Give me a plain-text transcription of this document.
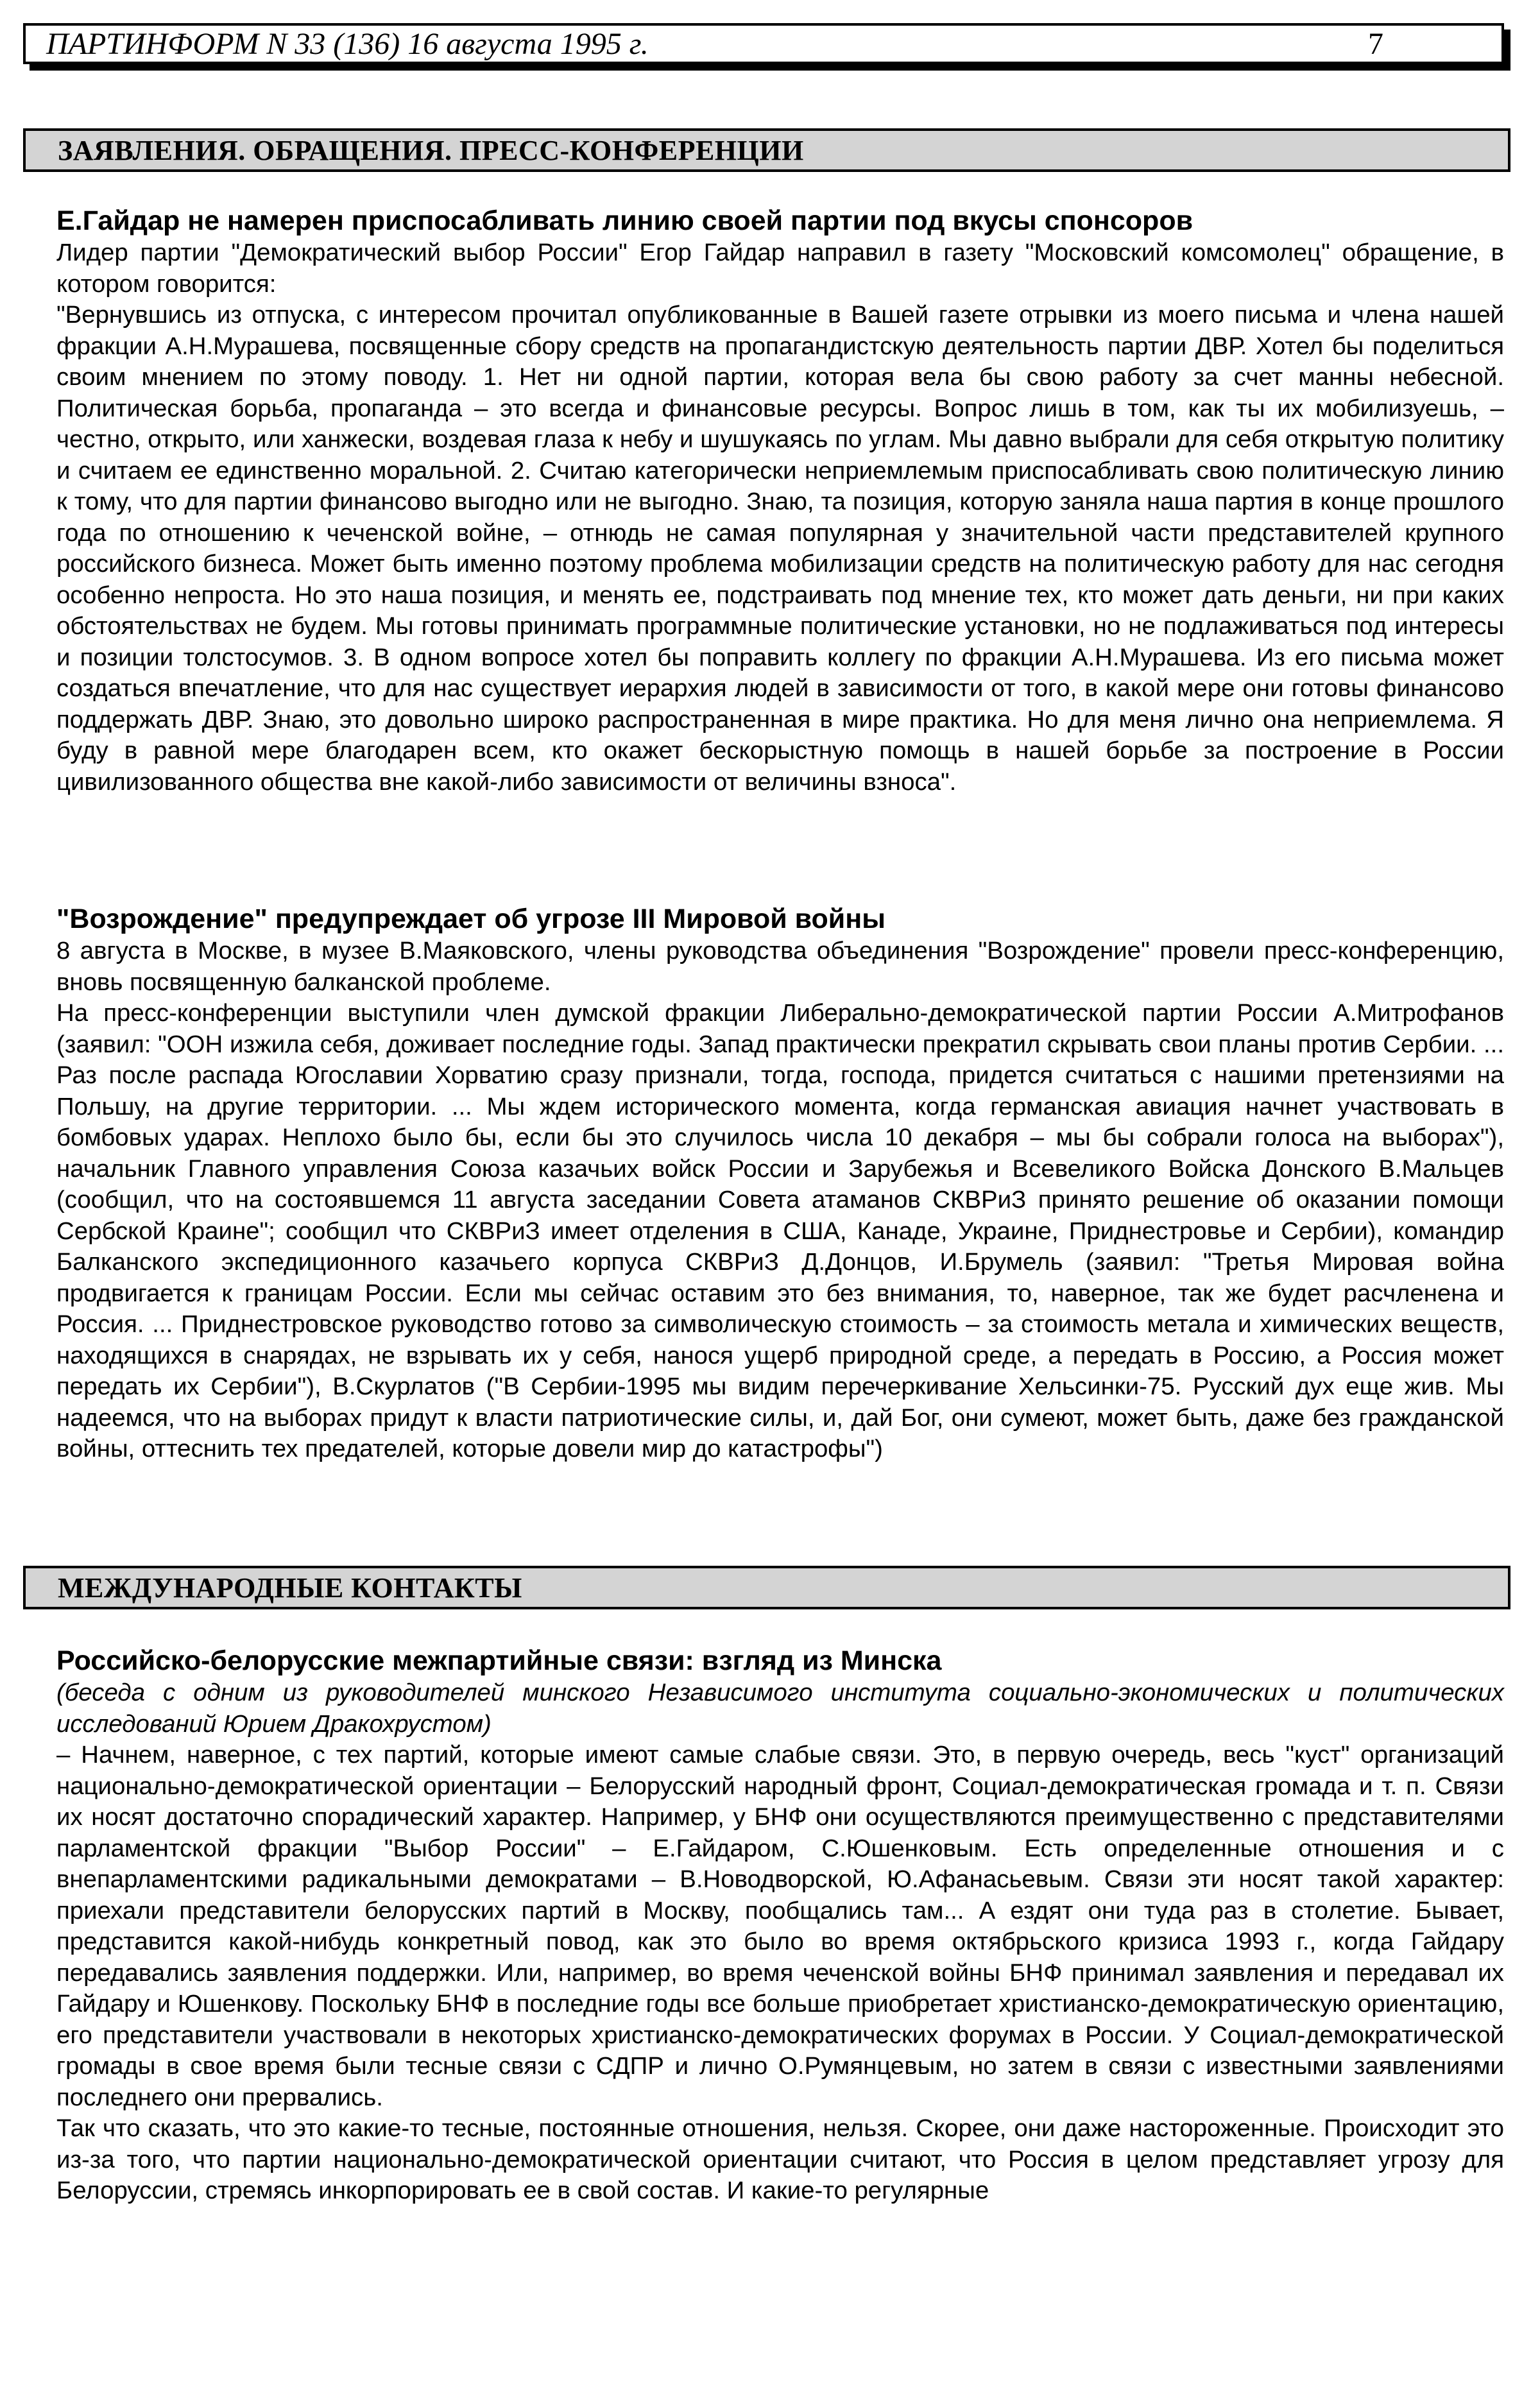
ПАРТИНФОРМ N 33 (136) 16 августа 1995 г.	7
ЗАЯВЛЕНИЯ. ОБРАЩЕНИЯ. ПРЕСС-КОНФЕРЕНЦИИ
Е.Гайдар не намерен приспосабливать линию своей партии под вкусы спонсоров

Лидер партии "Демократический выбор России" Егор Гайдар направил в газету "Московский комсомолец" обращение, в котором говорится:

"Вернувшись из отпуска, с интересом прочитал опубликованные в Вашей газете отрывки из моего письма и члена нашей фракции А.Н.Мурашева, посвященные сбору средств на пропагандистскую деятельность партии ДВР. Хотел бы поделиться своим мнением по этому поводу. 1. Нет ни одной партии, которая вела бы свою работу за счет манны небесной. Политическая борьба, пропаганда – это всегда и финансовые ресурсы. Вопрос лишь в том, как ты их мобилизуешь, – честно, открыто, или ханжески, воздевая глаза к небу и шушукаясь по углам. Мы давно выбрали для себя открытую политику и считаем ее единственно моральной. 2. Считаю категорически неприемлемым приспосабливать свою политическую линию к тому, что для партии финансово выгодно или не выгодно. Знаю, та позиция, которую заняла наша партия в конце прошлого года по отношению к чеченской войне, – отнюдь не самая популярная у значительной части представителей крупного российского бизнеса. Может быть именно поэтому проблема мобилизации средств на политическую работу для нас сегодня особенно непроста. Но это наша позиция, и менять ее, подстраивать под мнение тех, кто может дать деньги, ни при каких обстоятельствах не будем. Мы готовы принимать программные политические установки, но не подлаживаться под интересы и позиции толстосумов. 3. В одном вопросе хотел бы поправить коллегу по фракции А.Н.Мурашева. Из его письма может создаться впечатление, что для нас существует иерархия людей в зависимости от того, в какой мере они готовы финансово поддержать ДВР. Знаю, это довольно широко распространенная в мире практика. Но для меня лично она неприемлема. Я буду в равной мере благодарен всем, кто окажет бескорыстную помощь в нашей борьбе за построение в России цивилизованного общества вне какой-либо зависимости от величины взноса".

"Возрождение" предупреждает об угрозе III Мировой войны

8 августа в Москве, в музее В.Маяковского, члены руководства объединения "Возрождение" провели пресс-конференцию, вновь посвященную балканской проблеме.

На пресс-конференции выступили член думской фракции Либерально-демократической партии России А.Митрофанов (заявил: "ООН изжила себя, доживает последние годы. Запад практически прекратил скрывать свои планы против Сербии. ... Раз после распада Югославии Хорватию сразу признали, тогда, господа, придется считаться с нашими претензиями на Польшу, на другие территории. ... Мы ждем исторического момента, когда германская авиация начнет участвовать в бомбовых ударах. Неплохо было бы, если бы это случилось числа 10 декабря – мы бы собрали голоса на выборах"), начальник Главного управления Союза казачьих войск России и Зарубежья и Всевеликого Войска Донского В.Мальцев (сообщил, что на состоявшемся 11 августа заседании Совета атаманов СКВРиЗ принято решение об оказании помощи Сербской Краине"; сообщил что СКВРиЗ имеет отделения в США, Канаде, Украине, Приднестровье и Сербии), командир Балканского экспедиционного казачьего корпуса СКВРиЗ Д.Донцов, И.Брумель (заявил: "Третья Мировая война продвигается к границам России. Если мы сейчас оставим это без внимания, то, наверное, так же будет расчленена и Россия. ... Приднестровское руководство готово за символическую стоимость – за стоимость метала и химических веществ, находящихся в снарядах, не взрывать их у себя, нанося ущерб природной среде, а передать в Россию, а Россия может передать их Сербии"), В.Скурлатов ("В Сербии-1995 мы видим перечеркивание Хельсинки-75. Русский дух еще жив. Мы надеемся, что на выборах придут к власти патриотические силы, и, дай Бог, они сумеют, может быть, даже без гражданской войны, оттеснить тех предателей, которые довели мир до катастрофы")

МЕЖДУНАРОДНЫЕ КОНТАКТЫ
Российско-белорусские межпартийные связи: взгляд из Минска

(беседа с одним из руководителей минского Независимого института социально-экономических и политических исследований Юрием Дракохрустом)

– Начнем, наверное, с тех партий, которые имеют самые слабые связи. Это, в первую очередь, весь "куст" организаций национально-демократической ориентации – Белорусский народный фронт, Социал-демократическая громада и т. п. Связи их носят достаточно спорадический характер. Например, у БНФ они осуществляются преимущественно с представителями парламентской фракции "Выбор России" – Е.Гайдаром, С.Юшенковым. Есть определенные отношения и с внепарламентскими радикальными демократами – В.Новодворской, Ю.Афанасьевым. Связи эти носят такой характер: приехали представители белорусских партий в Москву, пообщались там... А ездят они туда раз в столетие. Бывает, представится какой-нибудь конкретный повод, как это было во время октябрьского кризиса 1993 г., когда Гайдару передавались заявления поддержки. Или, например, во время чеченской войны БНФ принимал заявления и передавал их Гайдару и Юшенкову. Поскольку БНФ в последние годы все больше приобретает христианско-демократическую ориентацию, его представители участвовали в некоторых христианско-демократических форумах в России. У Социал-демократической громады в свое время были тесные связи с СДПР и лично О.Румянцевым, но затем в связи с известными заявлениями последнего они прервались.

Так что сказать, что это какие-то тесные, постоянные отношения, нельзя. Скорее, они даже настороженные. Происходит это из-за того, что партии национально-демократической ориентации считают, что Россия в целом представляет угрозу для Белоруссии, стремясь инкорпорировать ее в свой состав. И какие-то регулярные
